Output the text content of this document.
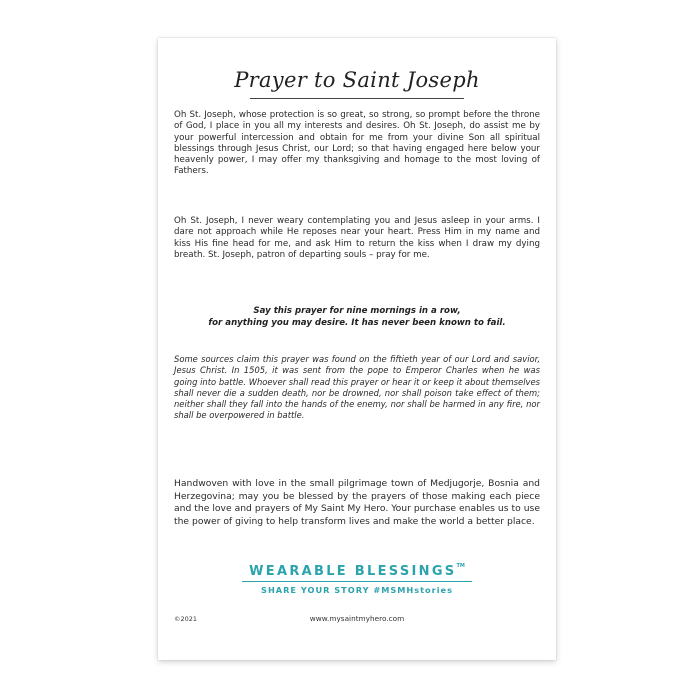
Prayer to Saint Joseph

Oh St. Joseph, whose protection is so great, so strong, so prompt before the throne of God, I place in you all my interests and desires. Oh St. Joseph, do assist me by your powerful intercession and obtain for me from your divine Son all spiritual blessings through Jesus Christ, our Lord; so that having engaged here below your heavenly power, I may offer my thanksgiving and homage to the most loving of Fathers.

Oh St. Joseph, I never weary contemplating you and Jesus asleep in your arms. I dare not approach while He reposes near your heart. Press Him in my name and kiss His fine head for me, and ask Him to return the kiss when I draw my dying breath. St. Joseph, patron of departing souls – pray for me.

Say this prayer for nine mornings in a row,
for anything you may desire. It has never been known to fail.

Some sources claim this prayer was found on the fiftieth year of our Lord and savior, Jesus Christ. In 1505, it was sent from the pope to Emperor Charles when he was going into battle. Whoever shall read this prayer or hear it or keep it about themselves shall never die a sudden death, nor be drowned, nor shall poison take effect of them; neither shall they fall into the hands of the enemy, nor shall be harmed in any fire, nor shall be overpowered in battle.

Handwoven with love in the small pilgrimage town of Medjugorje, Bosnia and Herzegovina; may you be blessed by the prayers of those making each piece and the love and prayers of My Saint My Hero. Your purchase enables us to use the power of giving to help transform lives and make the world a better place.

WEARABLE BLESSINGS™
SHARE YOUR STORY #MSMHstories
©2021	www.mysaintmyhero.com
